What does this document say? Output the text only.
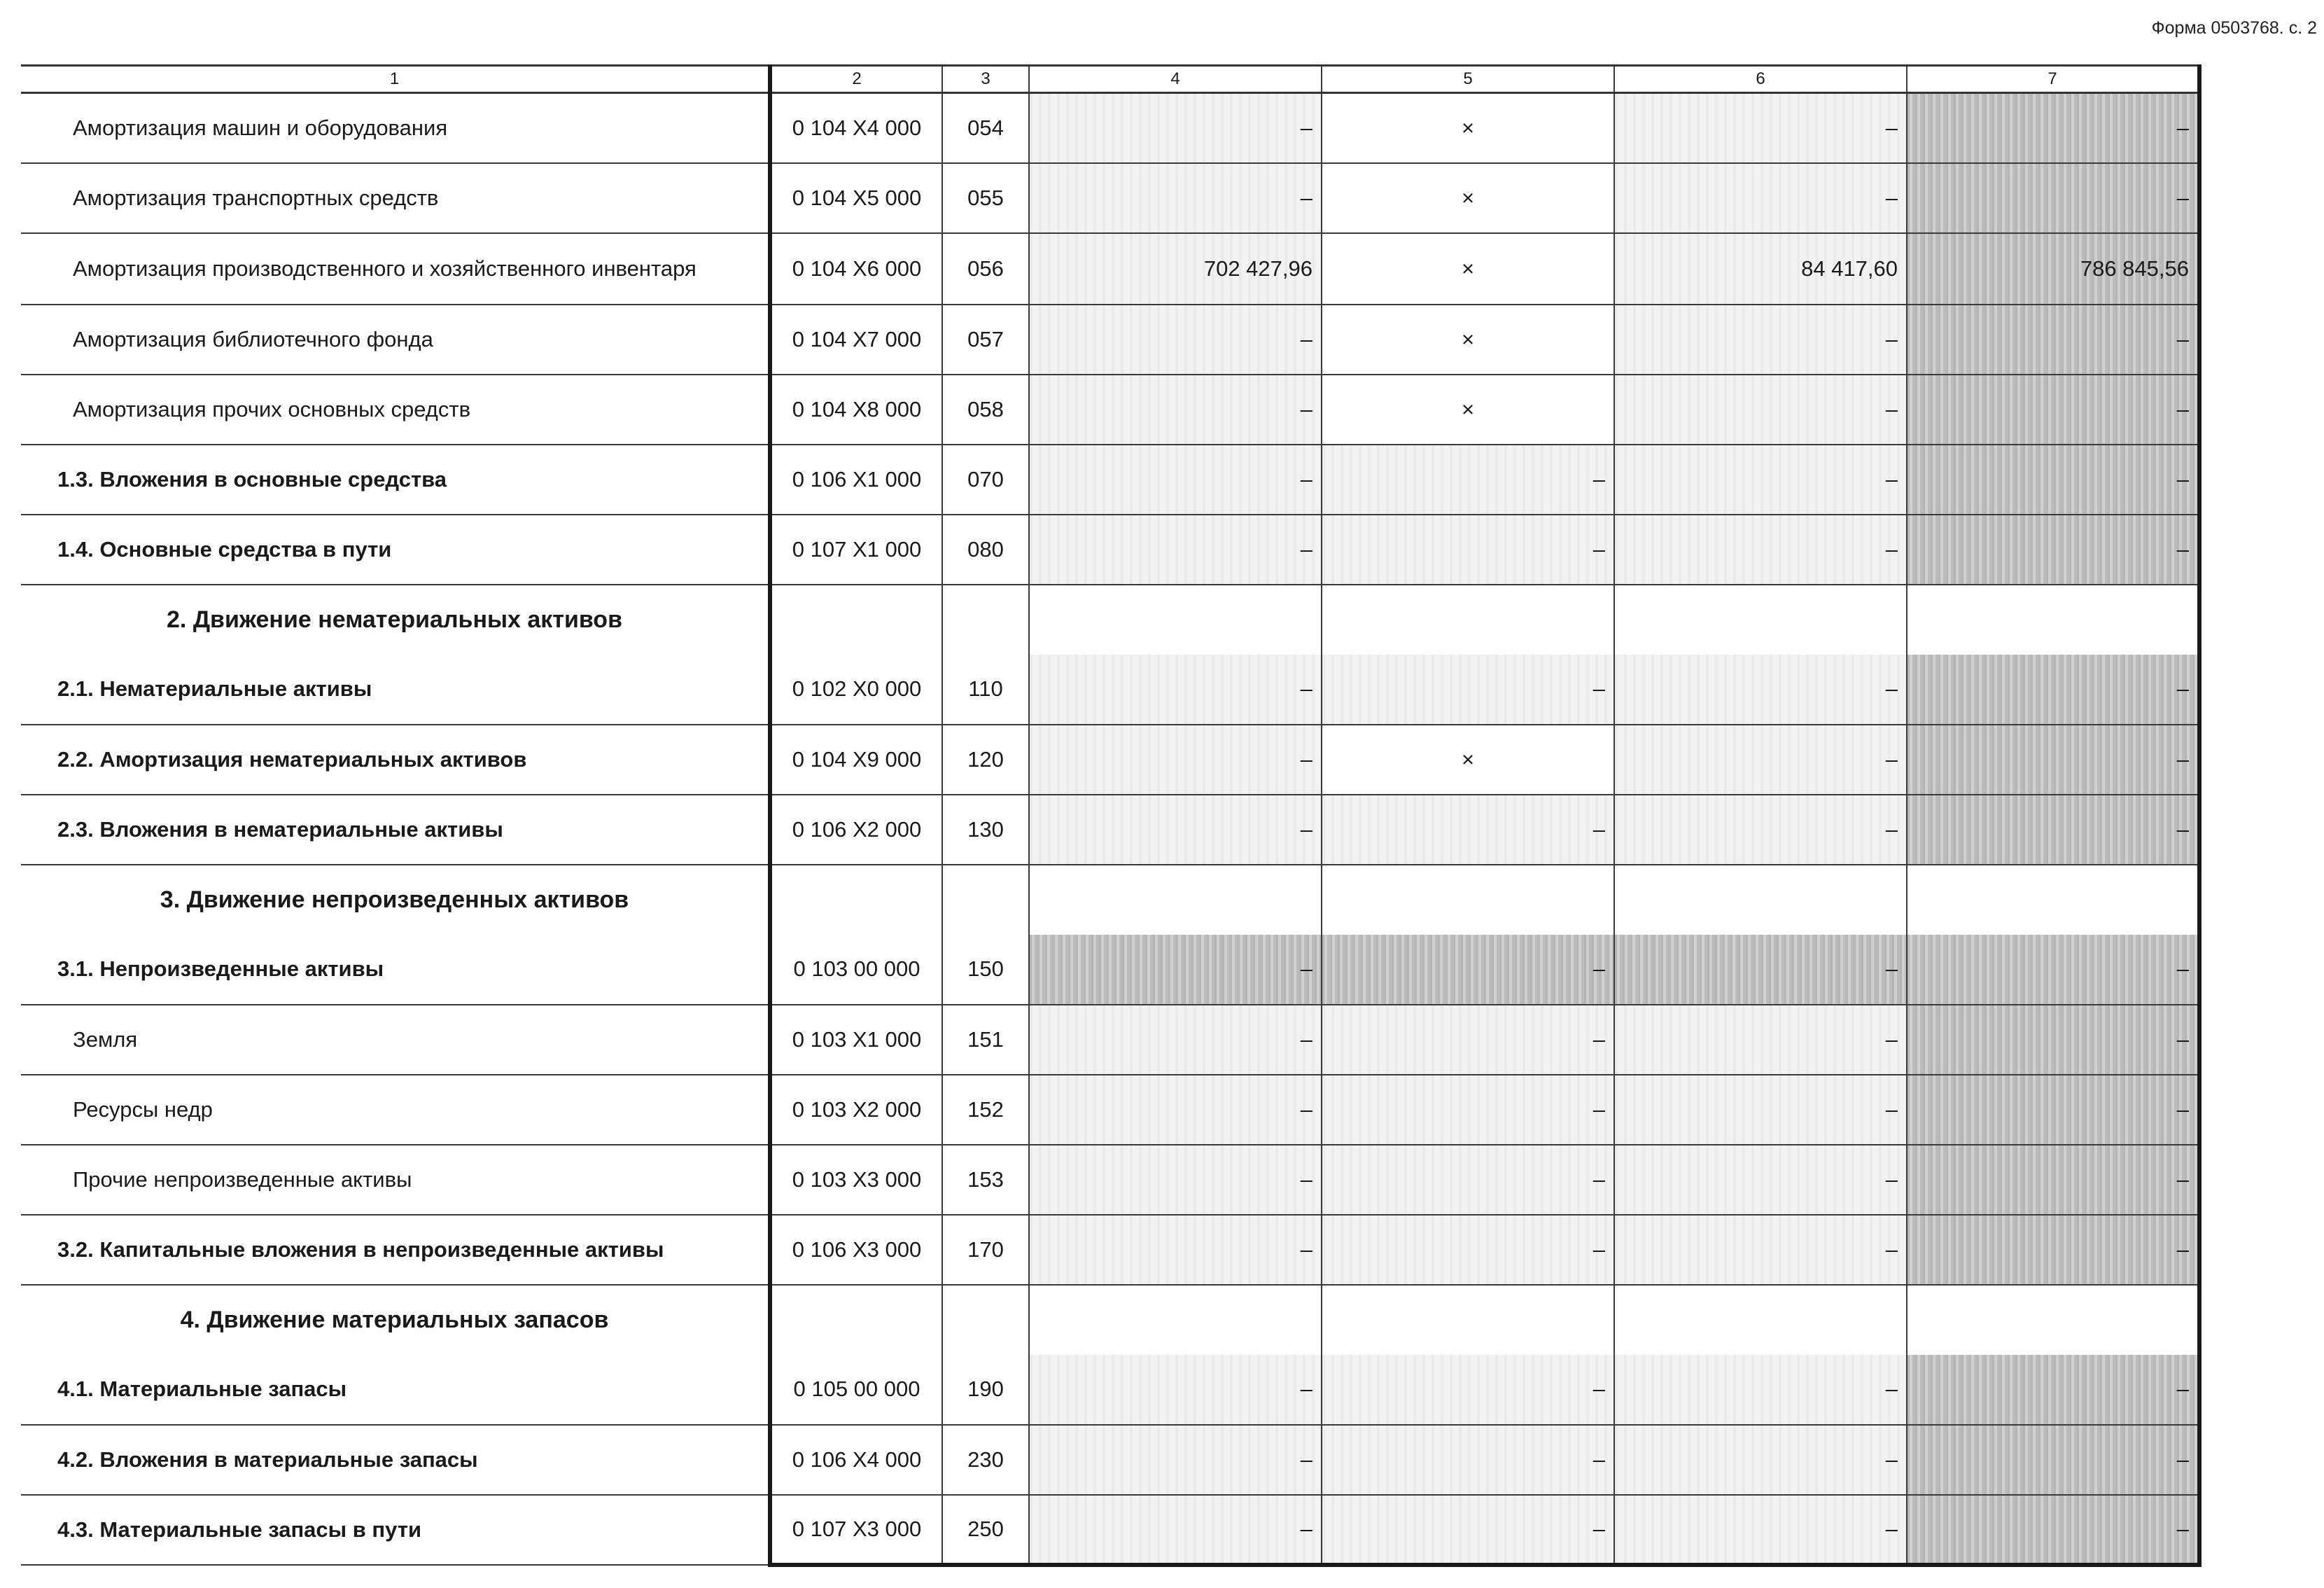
Форма 0503768. с. 2
1	2	3	4	5	6	7
Амортизация машин и оборудования	0 104 X4 000	054	–	×	–	–
Амортизация транспортных средств	0 104 X5 000	055	–	×	–	–
Амортизация производственного и хозяйственного инвентаря	0 104 X6 000	056	702 427,96	×	84 417,60	786 845,56
Амортизация библиотечного фонда	0 104 X7 000	057	–	×	–	–
Амортизация прочих основных средств	0 104 X8 000	058	–	×	–	–
1.3. Вложения в основные средства	0 106 X1 000	070	–	–	–	–
1.4. Основные средства в пути	0 107 X1 000	080	–	–	–	–
2. Движение нематериальных активов						
2.1. Нематериальные активы	0 102 X0 000	110	–	–	–	–
2.2. Амортизация нематериальных активов	0 104 X9 000	120	–	×	–	–
2.3. Вложения в нематериальные активы	0 106 X2 000	130	–	–	–	–
3. Движение непроизведенных активов						
3.1. Непроизведенные активы	0 103 00 000	150	–	–	–	–
Земля	0 103 X1 000	151	–	–	–	–
Ресурсы недр	0 103 X2 000	152	–	–	–	–
Прочие непроизведенные активы	0 103 X3 000	153	–	–	–	–
3.2. Капитальные вложения в непроизведенные активы	0 106 X3 000	170	–	–	–	–
4. Движение материальных запасов						
4.1. Материальные запасы	0 105 00 000	190	–	–	–	–
4.2. Вложения в материальные запасы	0 106 X4 000	230	–	–	–	–
4.3. Материальные запасы в пути	0 107 X3 000	250	–	–	–	–
